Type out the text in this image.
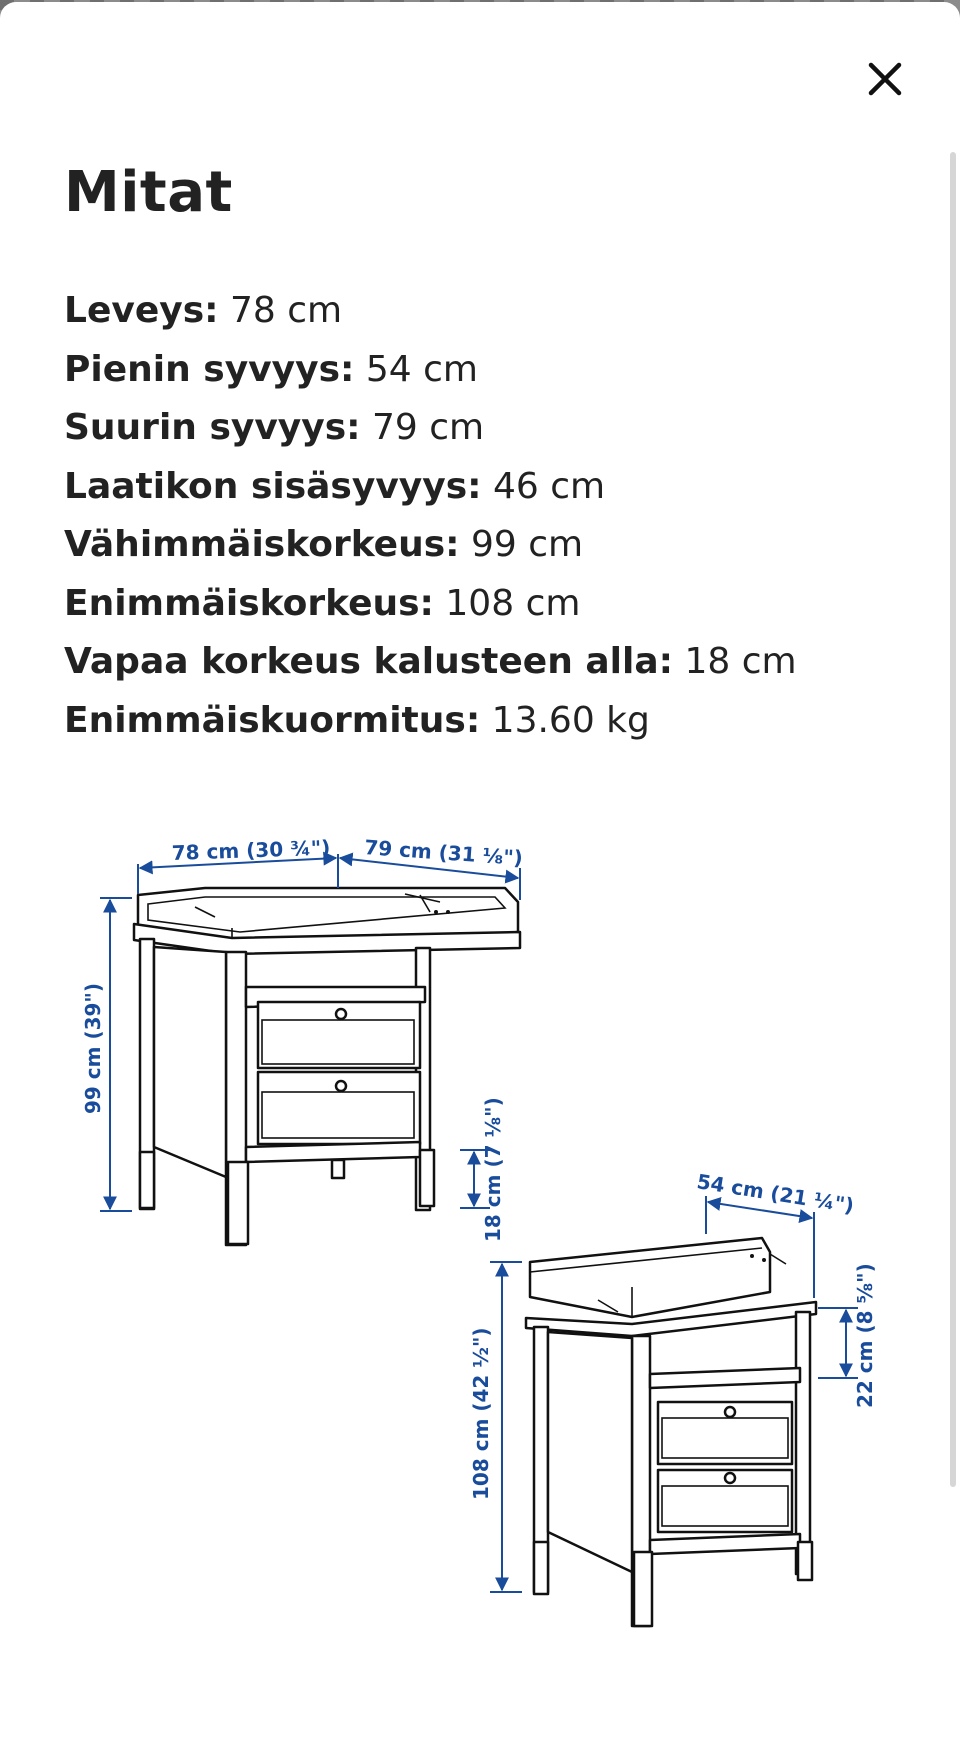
Mitat
Leveys: 78 cm
Pienin syvyys: 54 cm
Suurin syvyys: 79 cm
Laatikon sisäsyvyys: 46 cm
Vähimmäiskorkeus: 99 cm
Enimmäiskorkeus: 108 cm
Vapaa korkeus kalusteen alla: 18 cm
Enimmäiskuormitus: 13.60 kg
78 cm (30 ¾") 79 cm (31 ⅛")
99 cm (39")
18 cm (7 ⅛")	54 cm (21 ¼")
108 cm (42 ½")	22 cm (8 ⅝")
